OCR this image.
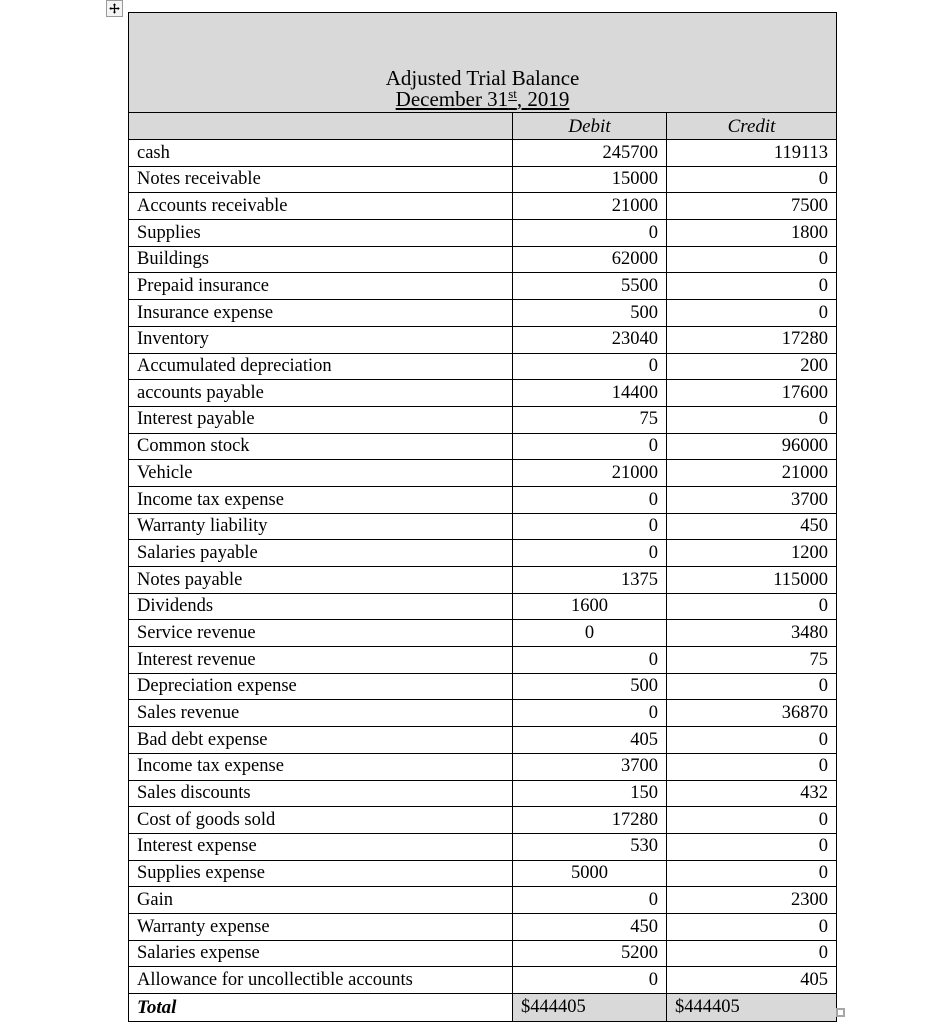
Adjusted Trial Balance
December 31st, 2019		

	Debit	Credit
cash	245700	119113
Notes receivable	15000	0
Accounts receivable	21000	7500
Supplies	0	1800
Buildings	62000	0
Prepaid insurance	5500	0
Insurance expense	500	0
Inventory	23040	17280
Accumulated depreciation	0	200
accounts payable	14400	17600
Interest payable	75	0
Common stock	0	96000
Vehicle	21000	21000
Income tax expense	0	3700
Warranty liability	0	450
Salaries payable	0	1200
Notes payable	1375	115000
Dividends	1600	0
Service revenue	0	3480
Interest revenue	0	75
Depreciation expense	500	0
Sales revenue	0	36870
Bad debt expense	405	0
Income tax expense	3700	0
Sales discounts	150	432
Cost of goods sold	17280	0
Interest expense	530	0
Supplies expense	5000	0
Gain	0	2300
Warranty expense	450	0
Salaries expense	5200	0
Allowance for uncollectible accounts	0	405
Total	$444405	$444405
